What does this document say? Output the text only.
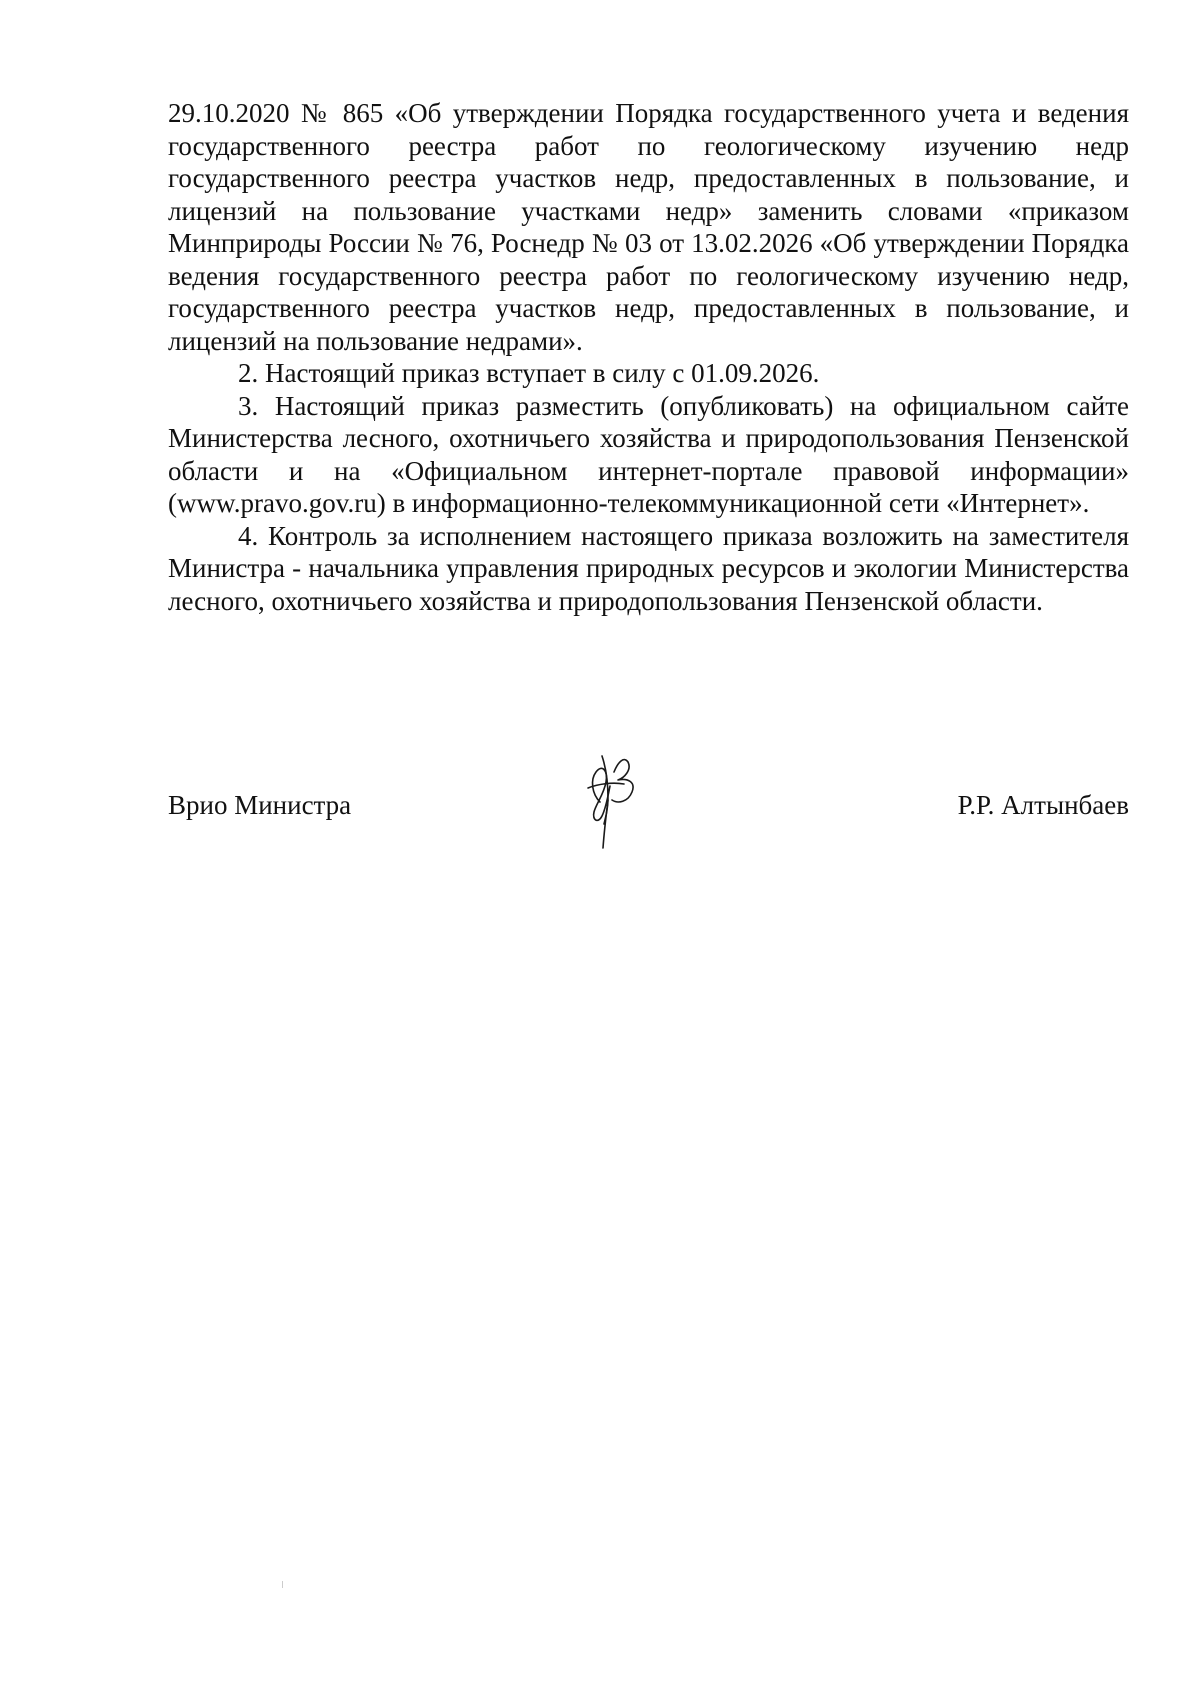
29.10.2020 № 865 «Об утверждении Порядка государственного учета и ведения государственного реестра работ по геологическому изучению недр государственного реестра участков недр, предоставленных в пользование, и лицензий на пользование участками недр» заменить словами «приказом Минприроды России № 76, Роснедр № 03 от 13.02.2026 «Об утверждении Порядка ведения государственного реестра работ по геологическому изучению недр, государственного реестра участков недр, предоставленных в пользование, и лицензий на пользование недрами».

2. Настоящий приказ вступает в силу с 01.09.2026.

3. Настоящий приказ разместить (опубликовать) на официальном сайте Министерства лесного, охотничьего хозяйства и природопользования Пензенской области и на «Официальном интернет-портале правовой информации» (www.pravo.gov.ru) в информационно-телекоммуникационной сети «Интернет».

4. Контроль за исполнением настоящего приказа возложить на заместителя Министра - начальника управления природных ресурсов и экологии Министерства лесного, охотничьего хозяйства и природопользования Пензенской области.

Врио Министра	Р.Р. Алтынбаев
